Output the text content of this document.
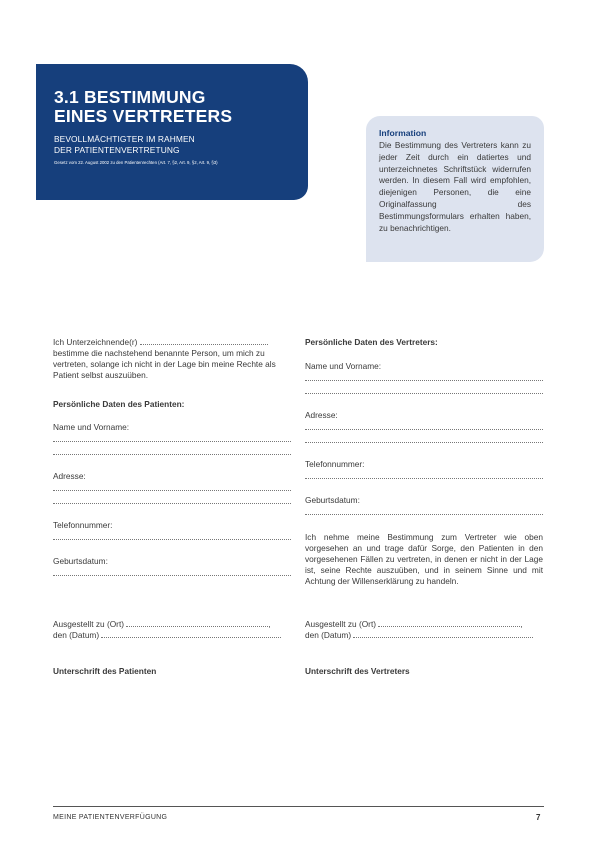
3.1 BESTIMMUNG
EINES VERTRETERS
BEVOLLMÄCHTIGTER IM RAHMEN
DER PATIENTENVERTRETUNG
Gesetz vom 22. August 2002 zu den Patientenrechten (Art. 7, §2, Art. 9, §2, Art. 9, §3)
Information
Die Bestimmung des Vertreters kann zu jeder Zeit durch ein datiertes und unterzeichnetes Schriftstück widerrufen werden. In diesem Fall wird empfohlen, diejenigen Personen, die eine Originalfassung des Bestimmungsformulars erhalten haben, zu benachrichtigen.
Ich Unterzeichnende(r)
bestimme die nachstehend benannte Person, um mich zu vertreten, solange ich nicht in der Lage bin meine Rechte als Patient selbst auszuüben.
Persönliche Daten des Patienten:
Name und Vorname:
Adresse:
Telefonnummer:
Geburtsdatum:
Ausgestellt zu (Ort)	,
den (Datum)
Unterschrift des Patienten
Persönliche Daten des Vertreters:
Name und Vorname:
Adresse:
Telefonnummer:
Geburtsdatum:
Ich nehme meine Bestimmung zum Vertreter wie oben vorgesehen an und trage dafür Sorge, den Patienten in den vorgesehenen Fällen zu vertreten, in denen er nicht in der Lage ist, seine Rechte auszuüben, und in seinem Sinne und mit Achtung der Willenserklärung zu handeln.
Ausgestellt zu (Ort)	,
den (Datum)
Unterschrift des Vertreters
MEINE PATIENTENVERFÜGUNG	7
